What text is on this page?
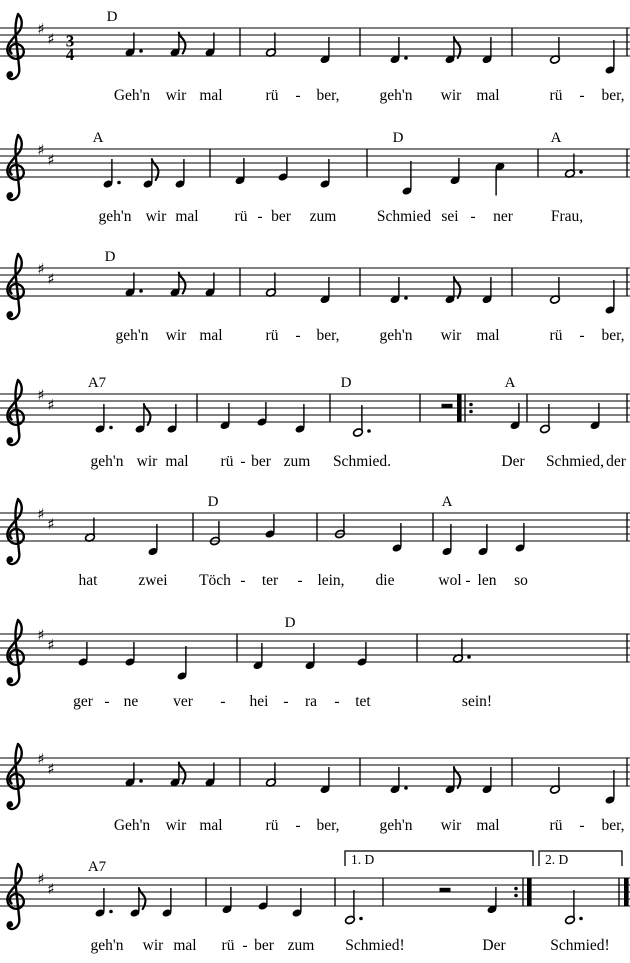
♯
♯ 3
4
D
Geh'n wir mal	rü - ber,	geh'n wir mal	rü - ber,
♯
♯
A	D	A
geh'n wir mal rü - ber zum	Schmied sei - ner Frau,
♯
♯
D
geh'n wir mal	rü - ber,	geh'n wir mal	rü - ber,
♯
♯
A7	D	A
geh'n wir mal rü - ber zum Schmied.	Der Schmied, der
♯
♯
D	A
hat	zwei Töch - ter - lein, die	wol - len so
♯
♯
D
ger - ne ver - hei - ra - tet	sein!
♯
♯
Geh'n wir mal	rü - ber,	geh'n wir mal	rü - ber,
♯
♯
1. D	2. D
A7
geh'n wir mal rü - ber zum Schmied!	Der	Schmied!
